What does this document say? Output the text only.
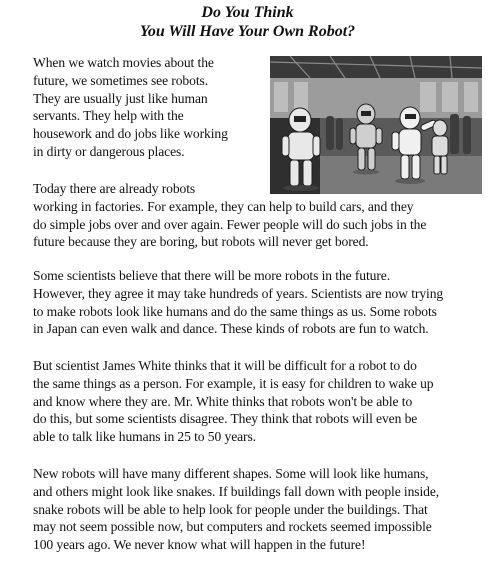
Do You Think
You Will Have Your Own Robot?
When we watch movies about the
future, we sometimes see robots.
They are usually just like human
servants. They help with the
housework and do jobs like working
in dirty or dangerous places.
Today there are already robots
working in factories. For example, they can help to build cars, and they
do simple jobs over and over again. Fewer people will do such jobs in the
future because they are boring, but robots will never get bored.
Some scientists believe that there will be more robots in the future.
However, they agree it may take hundreds of years. Scientists are now trying
to make robots look like humans and do the same things as us. Some robots
in Japan can even walk and dance. These kinds of robots are fun to watch.
But scientist James White thinks that it will be difficult for a robot to do
the same things as a person. For example, it is easy for children to wake up
and know where they are. Mr. White thinks that robots won't be able to
do this, but some scientists disagree. They think that robots will even be
able to talk like humans in 25 to 50 years.
New robots will have many different shapes. Some will look like humans,
and others might look like snakes. If buildings fall down with people inside,
snake robots will be able to help look for people under the buildings. That
may not seem possible now, but computers and rockets seemed impossible
100 years ago. We never know what will happen in the future!
